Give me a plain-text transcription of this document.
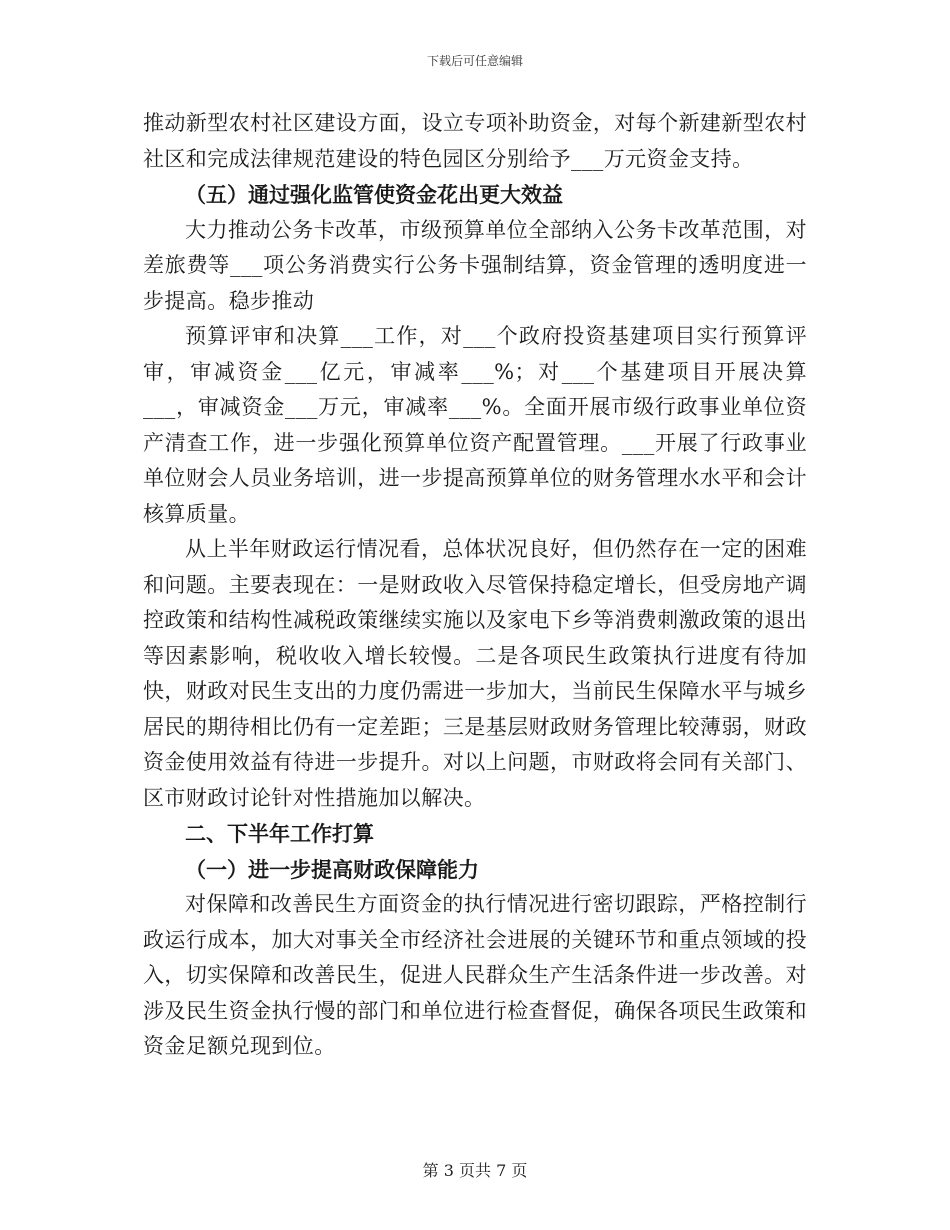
下载后可任意编辑

推动新型农村社区建设方面，设立专项补助资金，对每个新建新型农村社区和完成法律规范建设的特色园区分别给予___万元资金支持。

（五）通过强化监管使资金花出更大效益

大力推动公务卡改革，市级预算单位全部纳入公务卡改革范围，对差旅费等___项公务消费实行公务卡强制结算，资金管理的透明度进一步提高。稳步推动

预算评审和决算___工作，对___个政府投资基建项目实行预算评审，审减资金___亿元，审减率___%；对___个基建项目开展决算___，审减资金___万元，审减率___%。全面开展市级行政事业单位资产清查工作，进一步强化预算单位资产配置管理。___开展了行政事业单位财会人员业务培训，进一步提高预算单位的财务管理水水平和会计核算质量。

从上半年财政运行情况看，总体状况良好，但仍然存在一定的困难和问题。主要表现在：一是财政收入尽管保持稳定增长，但受房地产调控政策和结构性减税政策继续实施以及家电下乡等消费刺激政策的退出等因素影响，税收收入增长较慢。二是各项民生政策执行进度有待加快，财政对民生支出的力度仍需进一步加大，当前民生保障水平与城乡居民的期待相比仍有一定差距；三是基层财政财务管理比较薄弱，财政资金使用效益有待进一步提升。对以上问题，市财政将会同有关部门、区市财政讨论针对性措施加以解决。

二、下半年工作打算

（一）进一步提高财政保障能力

对保障和改善民生方面资金的执行情况进行密切跟踪，严格控制行政运行成本，加大对事关全市经济社会进展的关键环节和重点领域的投入，切实保障和改善民生，促进人民群众生产生活条件进一步改善。对涉及民生资金执行慢的部门和单位进行检查督促，确保各项民生政策和资金足额兑现到位。

第 3 页共 7 页
